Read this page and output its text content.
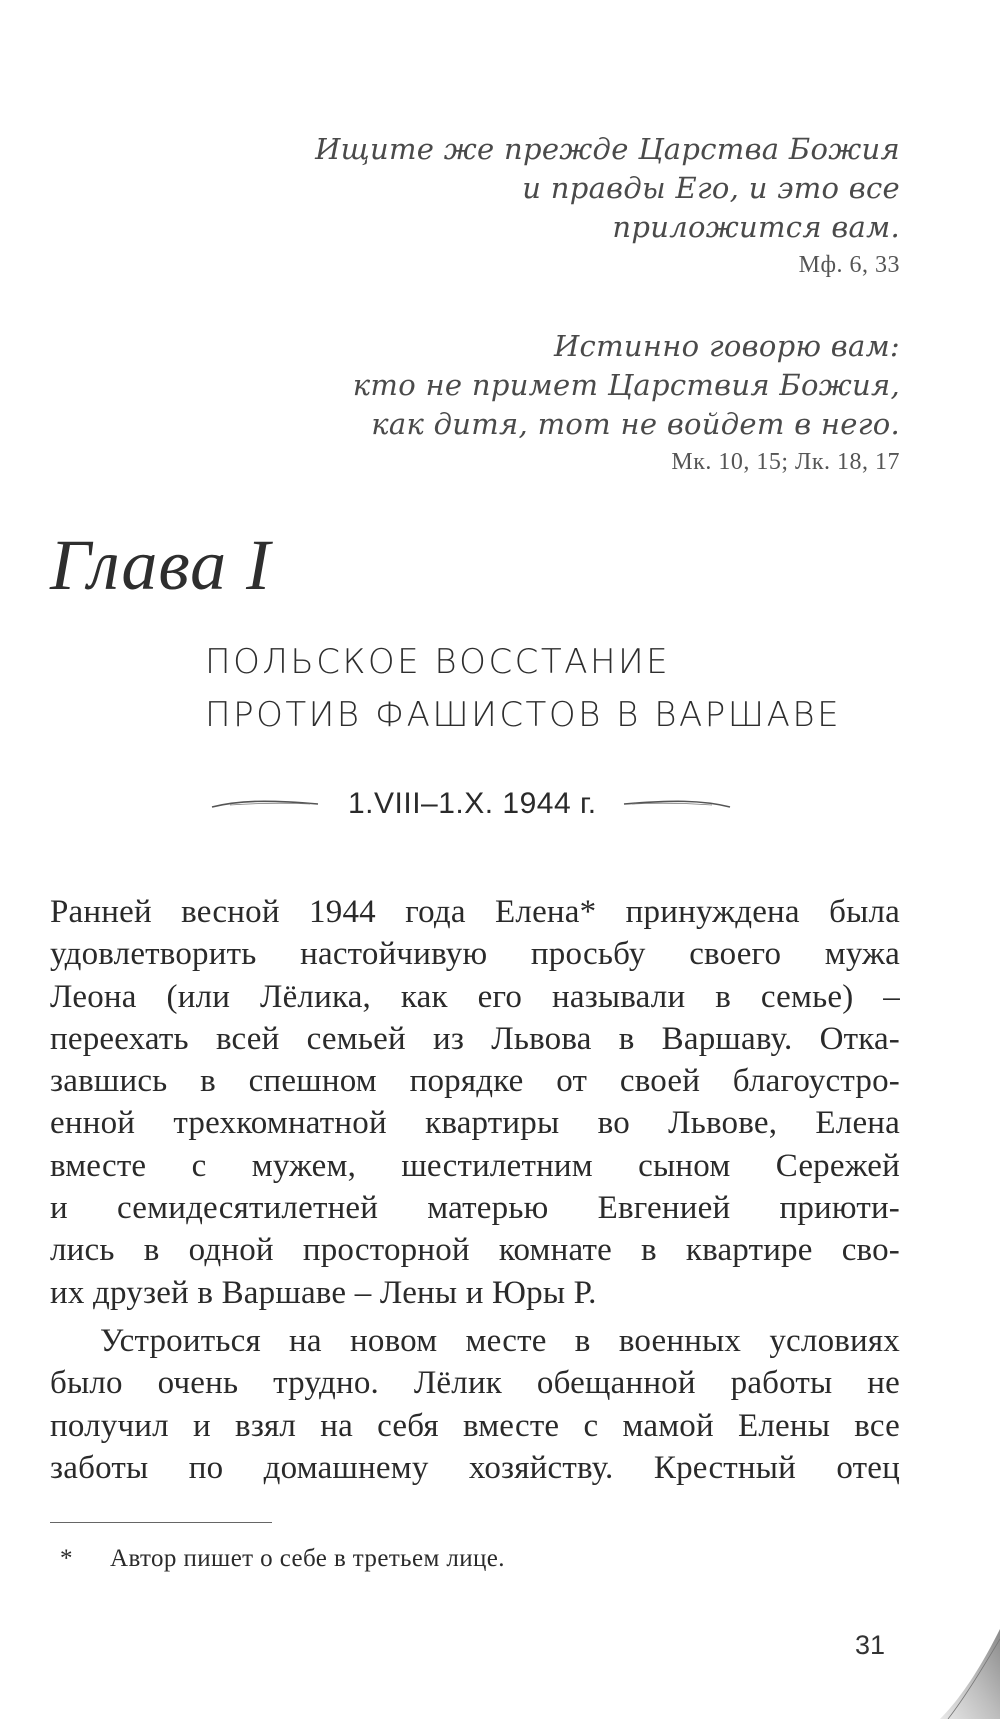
Ищите же прежде Царства Божия
и правды Его, и это все
приложится вам.
Мф. 6, 33
Истинно говорю вам:
кто не примет Царствия Божия,
как дитя, тот не войдет в него.
Мк. 10, 15; Лк. 18, 17
Глава I
ПОЛЬСКОЕ ВОССТАНИЕ
ПРОТИВ ФАШИСТОВ В ВАРШАВЕ
1.VIII–1.X. 1944 г.
Ранней весной 1944 года Елена* принуждена была
удовлетворить настойчивую просьбу своего мужа
Леона (или Лёлика, как его называли в семье) –
переехать всей семьей из Львова в Варшаву. Отка-
завшись в спешном порядке от своей благоустро-
енной трехкомнатной квартиры во Львове, Елена
вместе с мужем, шестилетним сыном Сережей
и семидесятилетней матерью Евгенией приюти-
лись в одной просторной комнате в квартире сво-
их друзей в Варшаве – Лены и Юры Р.
Устроиться на новом месте в военных условиях
было очень трудно. Лёлик обещанной работы не
получил и взял на себя вместе с мамой Елены все
заботы по домашнему хозяйству. Крестный отец
* Автор пишет о себе в третьем лице.
31
